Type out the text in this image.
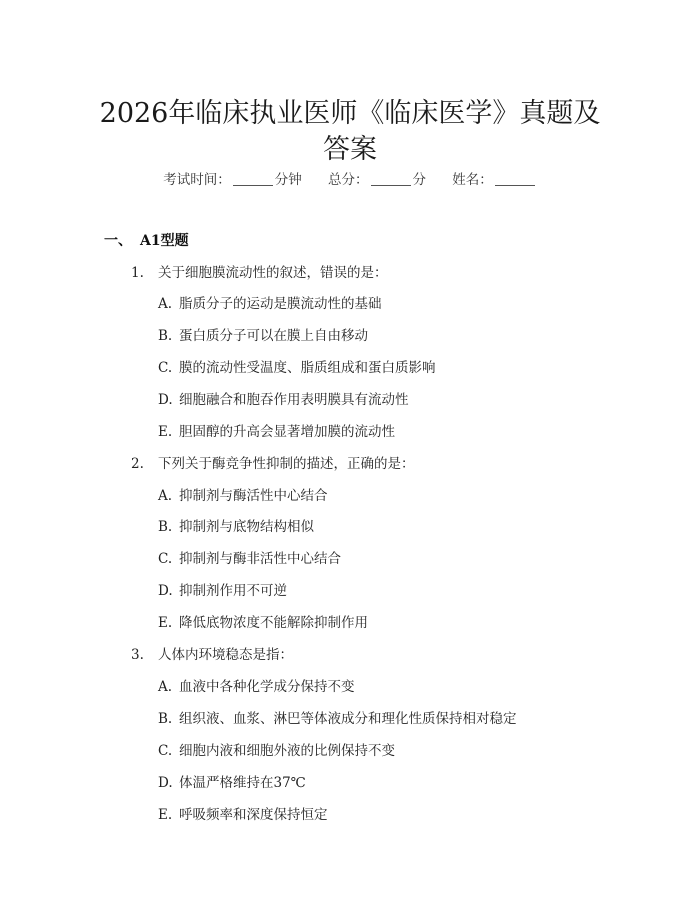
2026年临床执业医师《临床医学》真题及答案
考试时间：	分钟 总分：	分 姓名：
一、 A1型题
1. 关于细胞膜流动性的叙述，错误的是：
A. 脂质分子的运动是膜流动性的基础
B. 蛋白质分子可以在膜上自由移动
C. 膜的流动性受温度、脂质组成和蛋白质影响
D. 细胞融合和胞吞作用表明膜具有流动性
E. 胆固醇的升高会显著增加膜的流动性
2. 下列关于酶竞争性抑制的描述，正确的是：
A. 抑制剂与酶活性中心结合
B. 抑制剂与底物结构相似
C. 抑制剂与酶非活性中心结合
D. 抑制剂作用不可逆
E. 降低底物浓度不能解除抑制作用
3. 人体内环境稳态是指：
A. 血液中各种化学成分保持不变
B. 组织液、血浆、淋巴等体液成分和理化性质保持相对稳定
C. 细胞内液和细胞外液的比例保持不变
D. 体温严格维持在37℃
E. 呼吸频率和深度保持恒定
